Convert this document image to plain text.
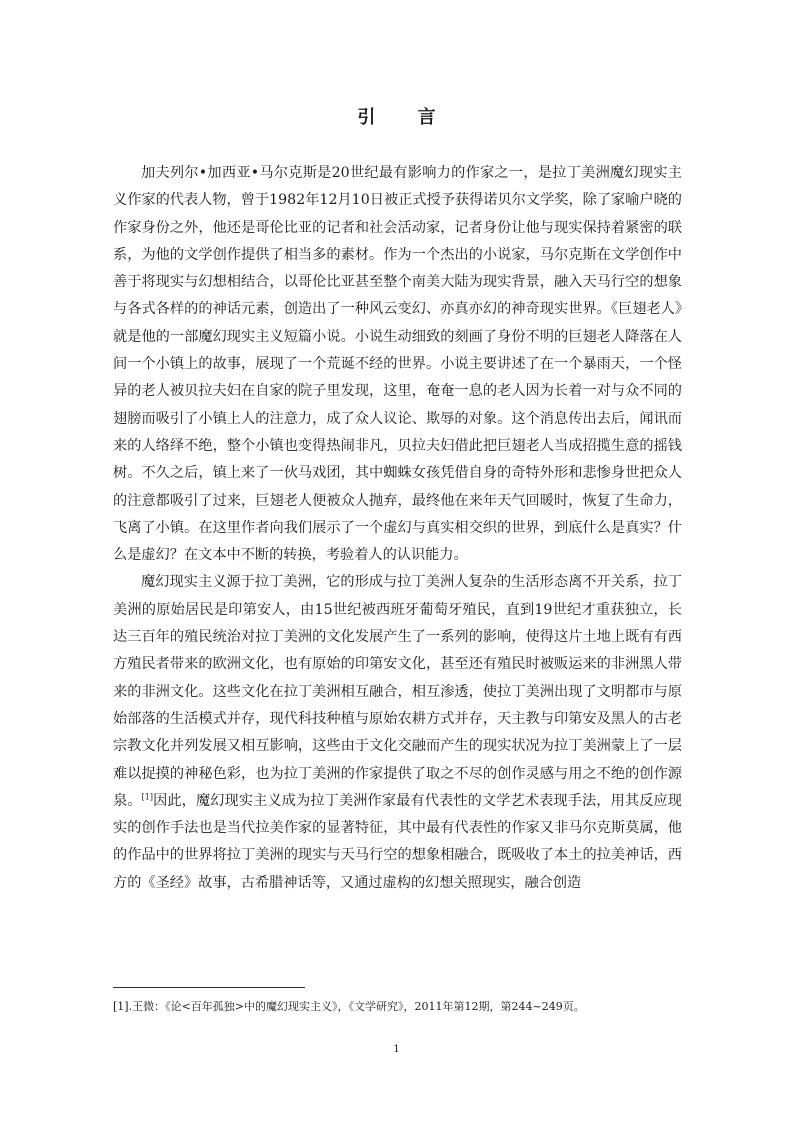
引 言

加夫列尔•加西亚•马尔克斯是20世纪最有影响力的作家之一，是拉丁美洲魔幻现实主义作家的代表人物，曾于1982年12月10日被正式授予获得诺贝尔文学奖，除了家喻户晓的作家身份之外，他还是哥伦比亚的记者和社会活动家，记者身份让他与现实保持着紧密的联系，为他的文学创作提供了相当多的素材。作为一个杰出的小说家，马尔克斯在文学创作中善于将现实与幻想相结合，以哥伦比亚甚至整个南美大陆为现实背景，融入天马行空的想象与各式各样的的神话元素，创造出了一种风云变幻、亦真亦幻的神奇现实世界。《巨翅老人》就是他的一部魔幻现实主义短篇小说。小说生动细致的刻画了身份不明的巨翅老人降落在人间一个小镇上的故事，展现了一个荒诞不经的世界。小说主要讲述了在一个暴雨天，一个怪异的老人被贝拉夫妇在自家的院子里发现，这里，奄奄一息的老人因为长着一对与众不同的翅膀而吸引了小镇上人的注意力，成了众人议论、欺辱的对象。这个消息传出去后，闻讯而来的人络绎不绝，整个小镇也变得热闹非凡，贝拉夫妇借此把巨翅老人当成招揽生意的摇钱树。不久之后，镇上来了一伙马戏团，其中蜘蛛女孩凭借自身的奇特外形和悲惨身世把众人的注意都吸引了过来，巨翅老人便被众人抛弃，最终他在来年天气回暖时，恢复了生命力，飞离了小镇。在这里作者向我们展示了一个虚幻与真实相交织的世界，到底什么是真实？什么是虚幻？在文本中不断的转换，考验着人的认识能力。

魔幻现实主义源于拉丁美洲，它的形成与拉丁美洲人复杂的生活形态离不开关系，拉丁美洲的原始居民是印第安人，由15世纪被西班牙葡萄牙殖民，直到19世纪才重获独立，长达三百年的殖民统治对拉丁美洲的文化发展产生了一系列的影响，使得这片土地上既有有西方殖民者带来的欧洲文化，也有原始的印第安文化，甚至还有殖民时被贩运来的非洲黑人带来的非洲文化。这些文化在拉丁美洲相互融合，相互渗透，使拉丁美洲出现了文明都市与原始部落的生活模式并存，现代科技种植与原始农耕方式并存，天主教与印第安及黑人的古老宗教文化并列发展又相互影响，这些由于文化交融而产生的现实状况为拉丁美洲蒙上了一层难以捉摸的神秘色彩，也为拉丁美洲的作家提供了取之不尽的创作灵感与用之不绝的创作源泉。[1]因此，魔幻现实主义成为拉丁美洲作家最有代表性的文学艺术表现手法，用其反应现实的创作手法也是当代拉美作家的显著特征，其中最有代表性的作家又非马尔克斯莫属，他的作品中的世界将拉丁美洲的现实与天马行空的想象相融合，既吸收了本土的拉美神话，西方的《圣经》故事，古希腊神话等，又通过虚构的幻想关照现实，融合创造

[1].王微：《论<百年孤独>中的魔幻现实主义》，《文学研究》，2011年第12期，第244~249页。
1
